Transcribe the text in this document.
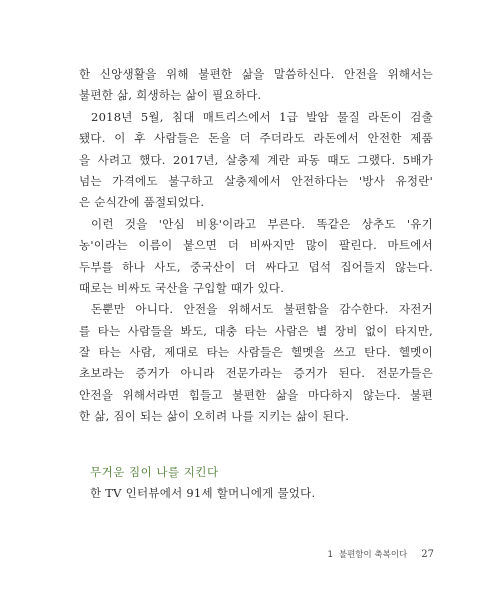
한 신앙생활을 위해 불편한 삶을 말씀하신다. 안전을 위해서는
불편한 삶, 희생하는 삶이 필요하다.
2018년 5월, 침대 매트리스에서 1급 발암 물질 라돈이 검출
됐다. 이 후 사람들은 돈을 더 주더라도 라돈에서 안전한 제품
을 사려고 했다. 2017년, 살충제 계란 파동 때도 그랬다. 5배가
넘는 가격에도 불구하고 살충제에서 안전하다는 '방사 유정란'
은 순식간에 품절되었다.
이런 것을 '안심 비용'이라고 부른다. 똑같은 상추도 '유기
농'이라는 이름이 붙으면 더 비싸지만 많이 팔린다. 마트에서
두부를 하나 사도, 중국산이 더 싸다고 덥석 집어들지 않는다.
때로는 비싸도 국산을 구입할 때가 있다.
돈뿐만 아니다. 안전을 위해서도 불편함을 감수한다. 자전거
를 타는 사람들을 봐도, 대충 타는 사람은 별 장비 없이 타지만,
잘 타는 사람, 제대로 타는 사람들은 헬멧을 쓰고 탄다. 헬멧이
초보라는 증거가 아니라 전문가라는 증거가 된다. 전문가들은
안전을 위해서라면 힘들고 불편한 삶을 마다하지 않는다. 불편
한 삶, 짐이 되는 삶이 오히려 나를 지키는 삶이 된다.
무거운 짐이 나를 지킨다
한 TV 인터뷰에서 91세 할머니에게 물었다.
1 불편함이 축복이다 27
